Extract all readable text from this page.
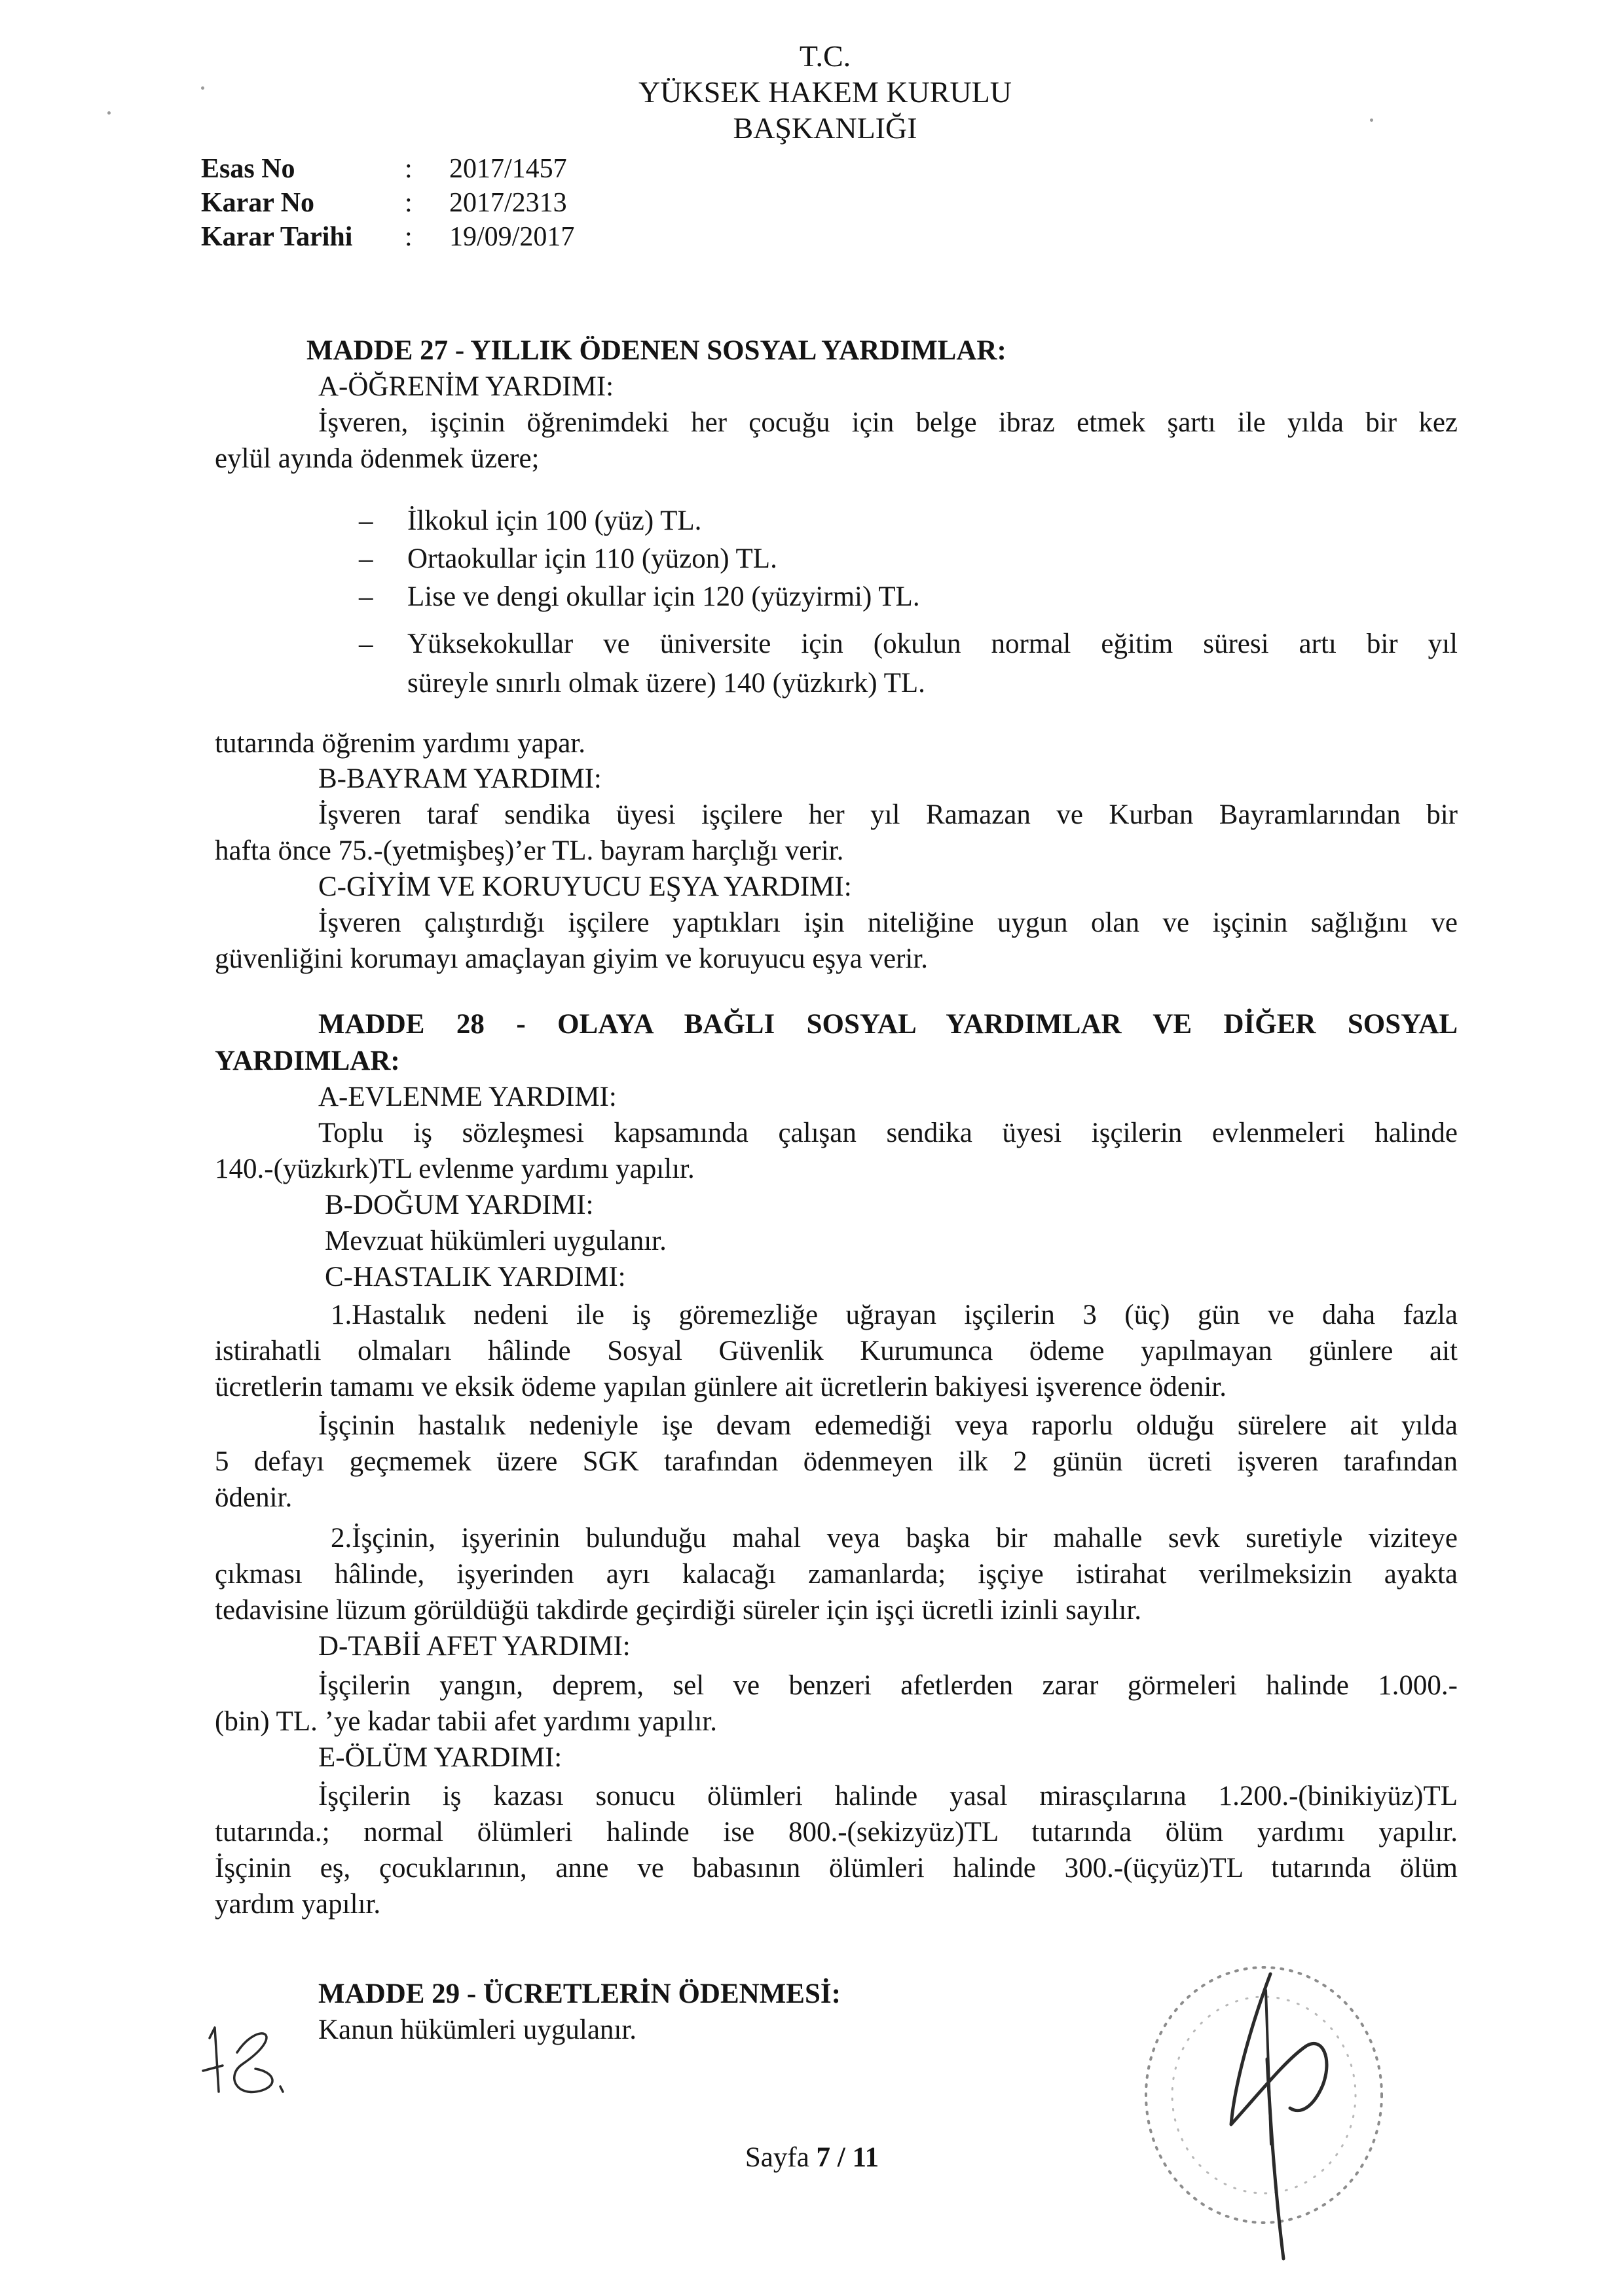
T.C.
YÜKSEK HAKEM KURULU
BAŞKANLIĞI
Esas No	: 2017/1457
Karar No	: 2017/2313
Karar Tarihi : 19/09/2017
MADDE 27 - YILLIK ÖDENEN SOSYAL YARDIMLAR:
A-ÖĞRENİM YARDIMI:
İşveren, işçinin öğrenimdeki her çocuğu için belge ibraz etmek şartı ile yılda bir kez
eylül ayında ödenmek üzere;
– İlkokul için 100 (yüz) TL.
– Ortaokullar için 110 (yüzon) TL.
– Lise ve dengi okullar için 120 (yüzyirmi) TL.
– Yüksekokullar ve üniversite için (okulun normal eğitim süresi artı bir yıl
süreyle sınırlı olmak üzere) 140 (yüzkırk) TL.
tutarında öğrenim yardımı yapar.
B-BAYRAM YARDIMI:
İşveren taraf sendika üyesi işçilere her yıl Ramazan ve Kurban Bayramlarından bir
hafta önce 75.-(yetmişbeş)’er TL. bayram harçlığı verir.
C-GİYİM VE KORUYUCU EŞYA YARDIMI:
İşveren çalıştırdığı işçilere yaptıkları işin niteliğine uygun olan ve işçinin sağlığını ve
güvenliğini korumayı amaçlayan giyim ve koruyucu eşya verir.
MADDE 28 - OLAYA BAĞLI SOSYAL YARDIMLAR VE DİĞER SOSYAL
YARDIMLAR:
A-EVLENME YARDIMI:
Toplu iş sözleşmesi kapsamında çalışan sendika üyesi işçilerin evlenmeleri halinde
140.-(yüzkırk)TL evlenme yardımı yapılır.
B-DOĞUM YARDIMI:
Mevzuat hükümleri uygulanır.
C-HASTALIK YARDIMI:
1.Hastalık nedeni ile iş göremezliğe uğrayan işçilerin 3 (üç) gün ve daha fazla
istirahatli olmaları hâlinde Sosyal Güvenlik Kurumunca ödeme yapılmayan günlere ait
ücretlerin tamamı ve eksik ödeme yapılan günlere ait ücretlerin bakiyesi işverence ödenir.
İşçinin hastalık nedeniyle işe devam edemediği veya raporlu olduğu sürelere ait yılda
5 defayı geçmemek üzere SGK tarafından ödenmeyen ilk 2 günün ücreti işveren tarafından
ödenir.
2.İşçinin, işyerinin bulunduğu mahal veya başka bir mahalle sevk suretiyle viziteye
çıkması hâlinde, işyerinden ayrı kalacağı zamanlarda; işçiye istirahat verilmeksizin ayakta
tedavisine lüzum görüldüğü takdirde geçirdiği süreler için işçi ücretli izinli sayılır.
D-TABİİ AFET YARDIMI:
İşçilerin yangın, deprem, sel ve benzeri afetlerden zarar görmeleri halinde 1.000.-
(bin) TL. ’ye kadar tabii afet yardımı yapılır.
E-ÖLÜM YARDIMI:
İşçilerin iş kazası sonucu ölümleri halinde yasal mirasçılarına 1.200.-(binikiyüz)TL
tutarında.; normal ölümleri halinde ise 800.-(sekizyüz)TL tutarında ölüm yardımı yapılır.
İşçinin eş, çocuklarının, anne ve babasının ölümleri halinde 300.-(üçyüz)TL tutarında ölüm
yardım yapılır.
MADDE 29 - ÜCRETLERİN ÖDENMESİ:
Kanun hükümleri uygulanır.
Sayfa 7 / 11
